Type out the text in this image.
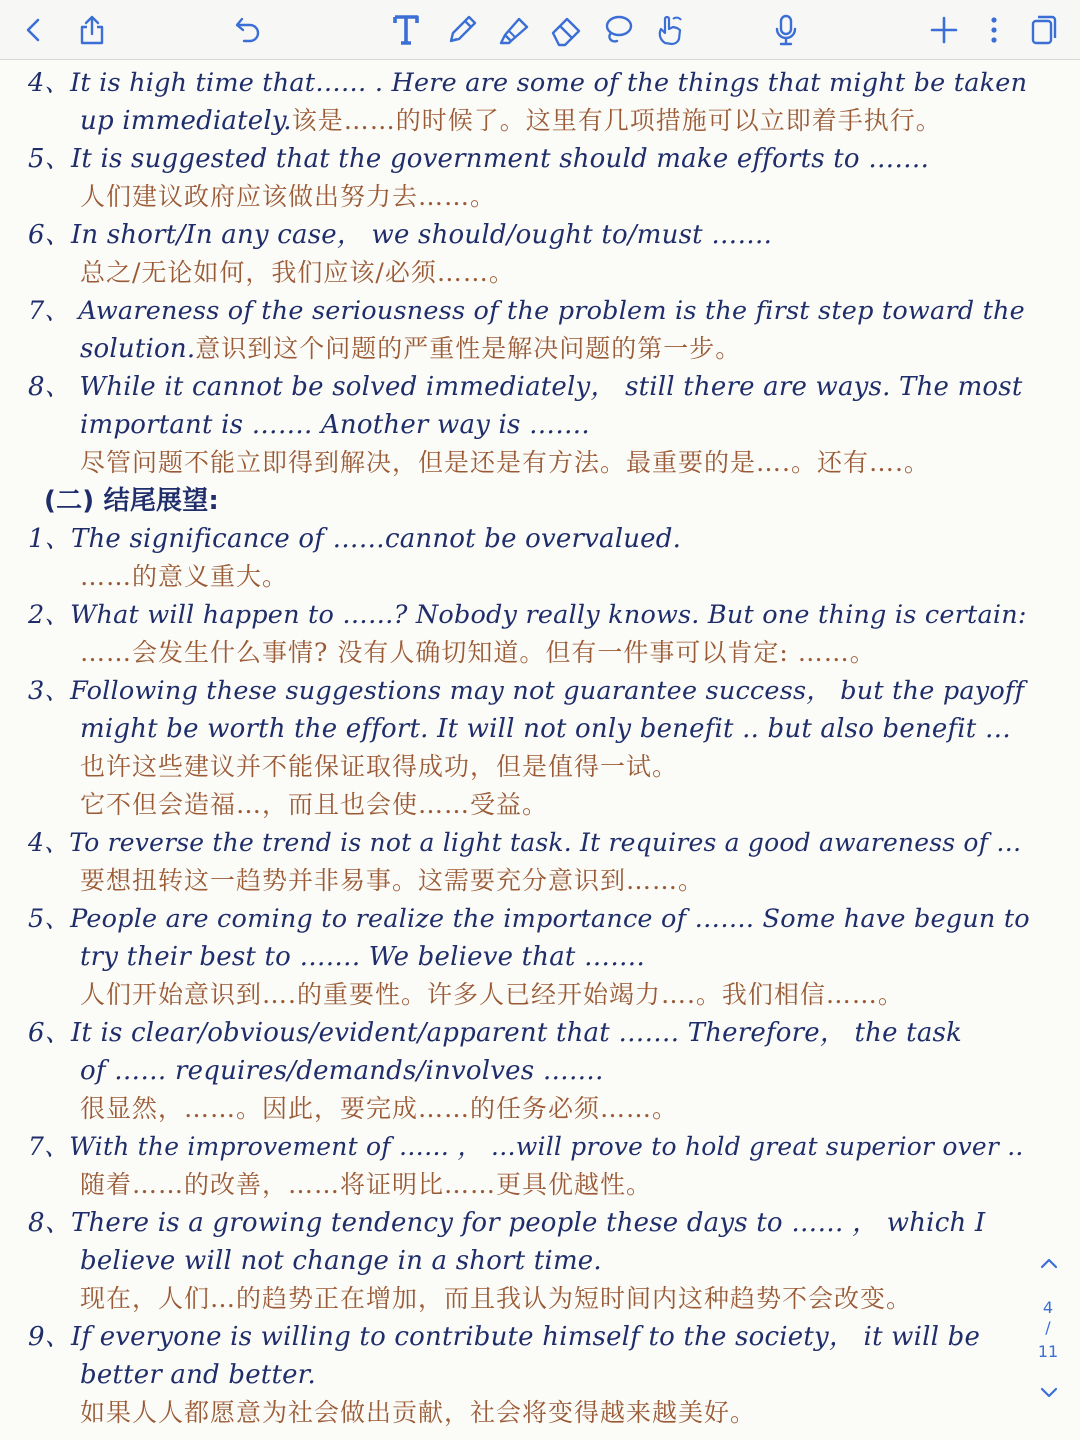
4、It is high time that…… . Here are some of the things that might be taken
up immediately.该是……的时候了。这里有几项措施可以立即着手执行。
5、It is suggested that the government should make efforts to …….
人们建议政府应该做出努力去……。
6、In short/In any case， we should/ought to/must …….
总之/无论如何，我们应该/必须……。
7、 Awareness of the seriousness of the problem is the first step toward the
solution.意识到这个问题的严重性是解决问题的第一步。
8、 While it cannot be solved immediately， still there are ways. The most
important is ……. Another way is …….
尽管问题不能立即得到解决，但是还是有方法。最重要的是….。还有….。
(二) 结尾展望:
1、The significance of ……cannot be overvalued.
……的意义重大。
2、What will happen to ……? Nobody really knows. But one thing is certain:
……会发生什么事情? 没有人确切知道。但有一件事可以肯定: ……。
3、Following these suggestions may not guarantee success， but the payoff
might be worth the effort. It will not only benefit .. but also benefit …
也许这些建议并不能保证取得成功，但是值得一试。
它不但会造福…，而且也会使……受益。
4、To reverse the trend is not a light task. It requires a good awareness of …
要想扭转这一趋势并非易事。这需要充分意识到……。
5、People are coming to realize the importance of ……. Some have begun to
try their best to ……. We believe that …….
人们开始意识到….的重要性。许多人已经开始竭力….。我们相信……。
6、It is clear/obvious/evident/apparent that ……. Therefore， the task
of …… requires/demands/involves …….
很显然，……。因此，要完成……的任务必须……。
7、With the improvement of …… ， …will prove to hold great superior over ..
随着……的改善，……将证明比……更具优越性。
8、There is a growing tendency for people these days to …… ， which I
believe will not change in a short time.
现在，人们…的趋势正在增加，而且我认为短时间内这种趋势不会改变。
9、If everyone is willing to contribute himself to the society， it will be
better and better.
如果人人都愿意为社会做出贡献，社会将变得越来越美好。
4
/
11
